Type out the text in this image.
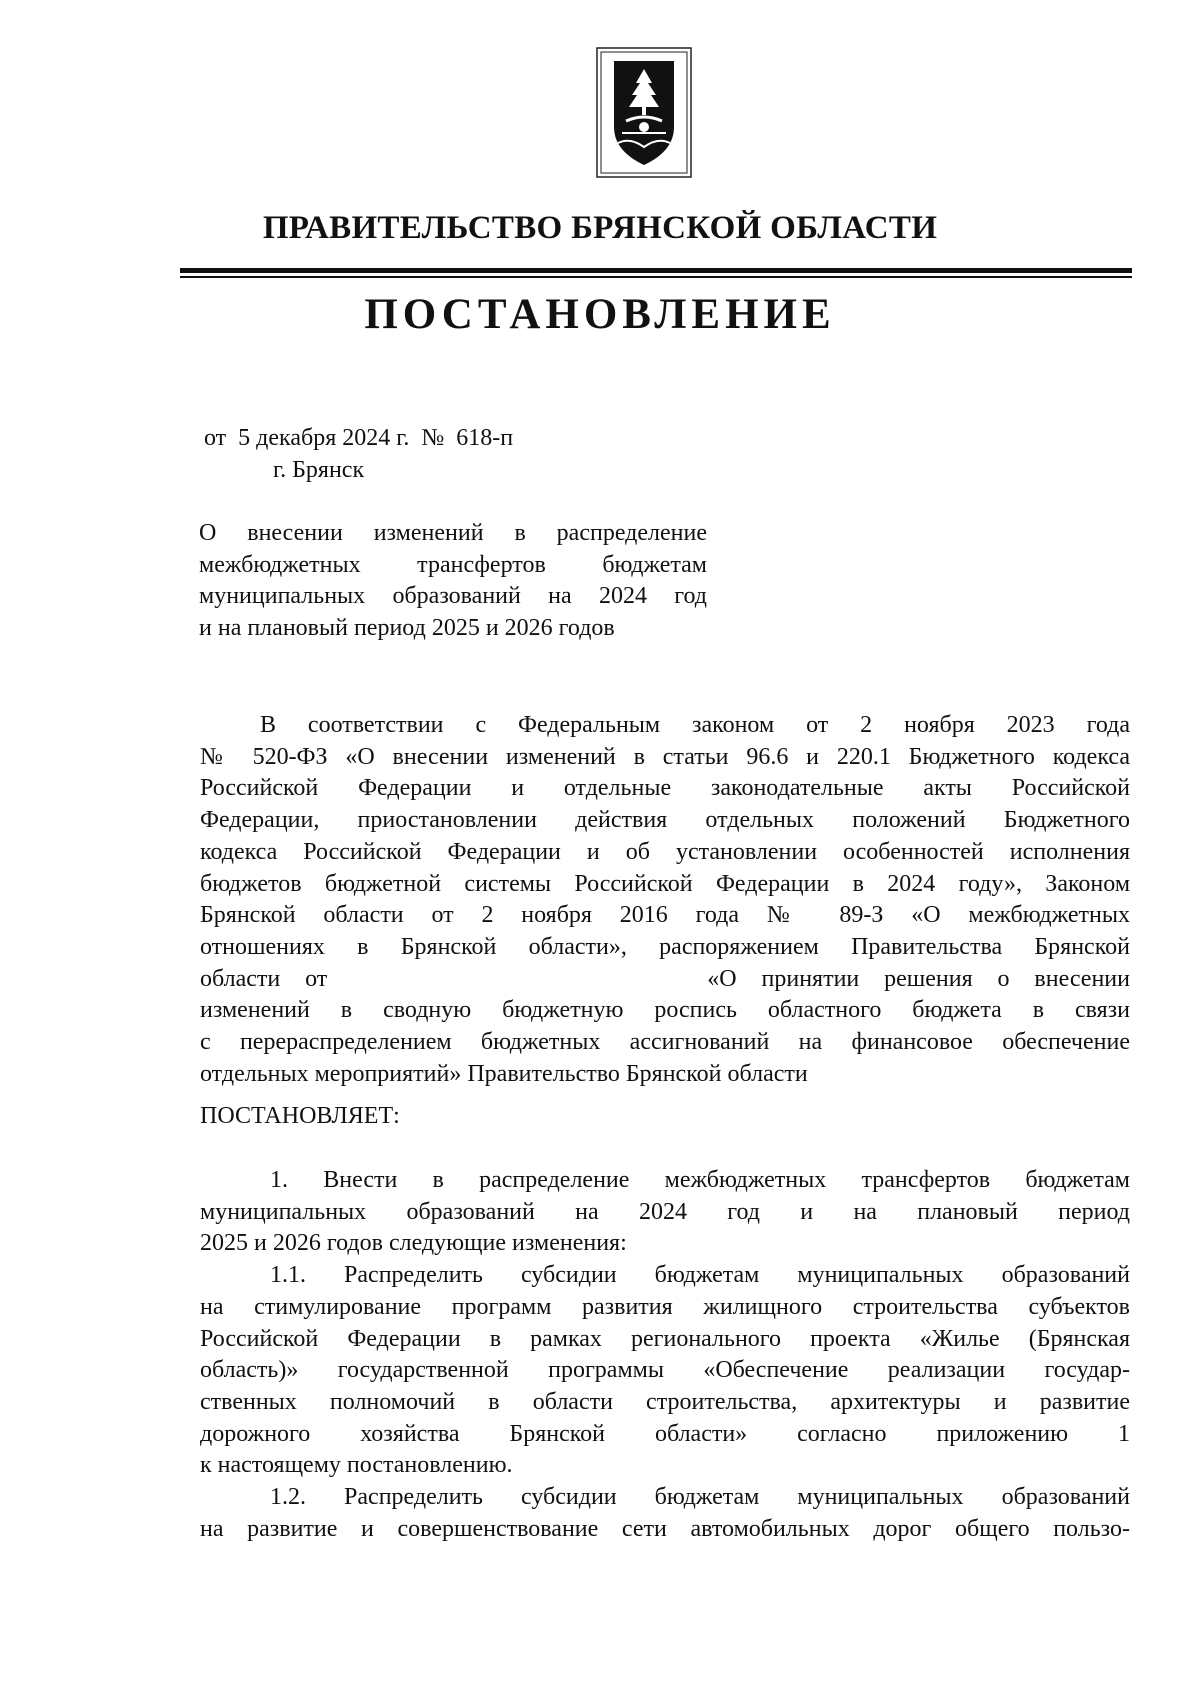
ПРАВИТЕЛЬСТВО БРЯНСКОЙ ОБЛАСТИ
ПОСТАНОВЛЕНИЕ
от  5 декабря 2024 г.  №  618-п
г. Брянск
О внесении изменений в распределение
межбюджетных трансфертов бюджетам
муниципальных образований на 2024 год
и на плановый период 2025 и 2026 годов
В соответствии с Федеральным законом от 2 ноября 2023 года
№ 520-ФЗ «О внесении изменений в статьи 96.6 и 220.1 Бюджетного кодекса
Российской Федерации и отдельные законодательные акты Российской
Федерации, приостановлении действия отдельных положений Бюджетного
кодекса Российской Федерации и об установлении особенностей исполнения
бюджетов бюджетной системы Российской Федерации в 2024 году», Законом
Брянской области от 2 ноября 2016 года № 89-З «О межбюджетных
отношениях в Брянской области», распоряжением Правительства Брянской
области от	«О принятии решения о внесении
изменений в сводную бюджетную роспись областного бюджета в связи
с перераспределением бюджетных ассигнований на финансовое обеспечение
отдельных мероприятий» Правительство Брянской области
ПОСТАНОВЛЯЕТ:
1. Внести в распределение межбюджетных трансфертов бюджетам
муниципальных образований на 2024 год и на плановый период
2025 и 2026 годов следующие изменения:
1.1. Распределить субсидии бюджетам муниципальных образований
на стимулирование программ развития жилищного строительства субъектов
Российской Федерации в рамках регионального проекта «Жилье (Брянская
область)» государственной программы «Обеспечение реализации государ-
ственных полномочий в области строительства, архитектуры и развитие
дорожного хозяйства Брянской области» согласно приложению 1
к настоящему постановлению.
1.2. Распределить субсидии бюджетам муниципальных образований
на развитие и совершенствование сети автомобильных дорог общего пользо-
